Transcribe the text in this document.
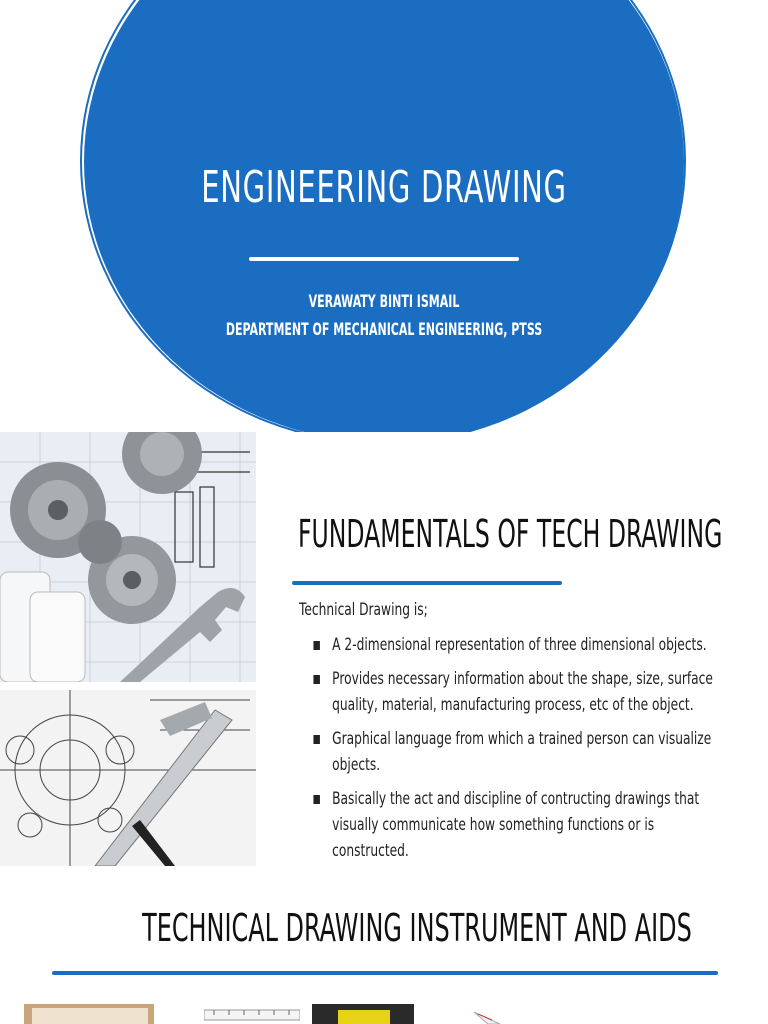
ENGINEERING DRAWING
VERAWATY BINTI ISMAIL
DEPARTMENT OF MECHANICAL ENGINEERING, PTSS
FUNDAMENTALS OF TECH DRAWING
Technical Drawing is;
A 2-dimensional representation of three dimensional objects.
Provides necessary information about the shape, size, surface quality, material, manufacturing process, etc of the object.
Graphical language from which a trained person can visualize objects.
Basically the act and discipline of contructing drawings that visually communicate how something functions or is constructed.
TECHNICAL DRAWING INSTRUMENT AND AIDS
